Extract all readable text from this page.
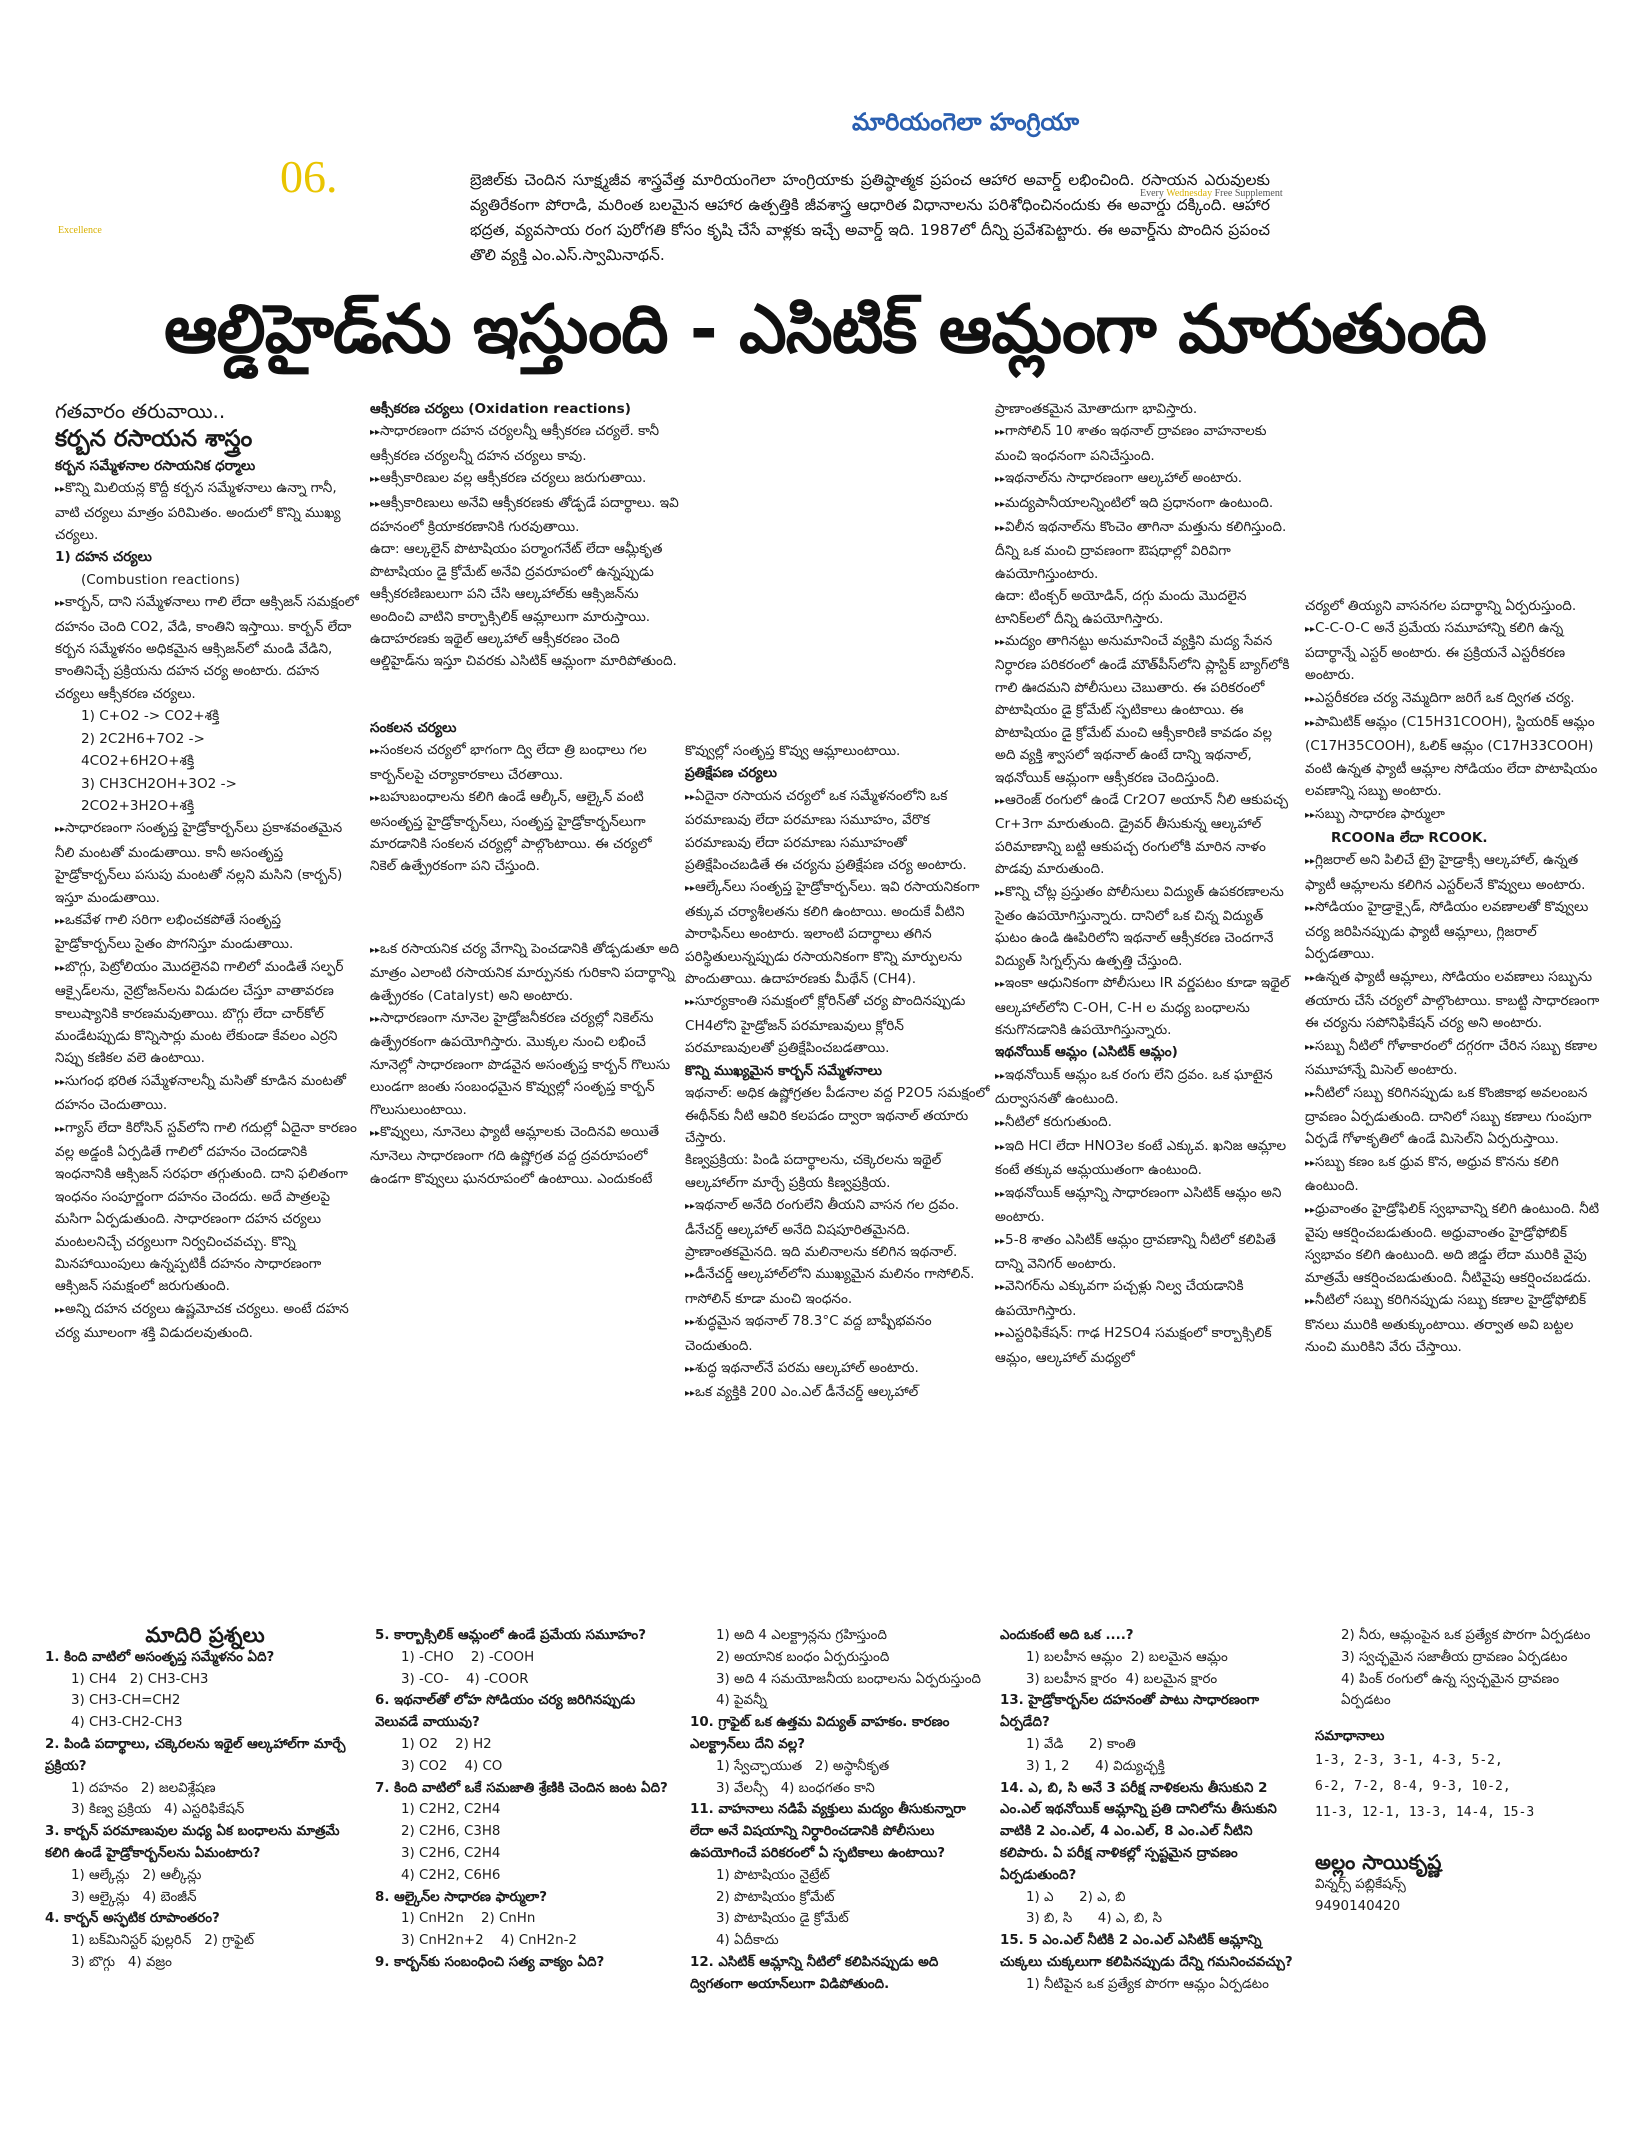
06.
Excellence
Every Wednesday Free Supplement
మారియంగెలా హంగ్రియా
బ్రెజిల్‌కు చెందిన సూక్ష్మజీవ శాస్త్రవేత్త మారియంగెలా హంగ్రియాకు ప్రతిష్ఠాత్మక ప్రపంచ ఆహార అవార్డ్ లభించింది. రసాయన ఎరువులకు వ్యతిరేకంగా పోరాడి, మరింత బలమైన ఆహార ఉత్పత్తికి జీవశాస్త్ర ఆధారిత విధానాలను పరిశోధించినందుకు ఈ అవార్డు దక్కింది. ఆహార భద్రత, వ్యవసాయ రంగ పురోగతి కోసం కృషి చేసే వాళ్లకు ఇచ్చే అవార్డ్ ఇది. 1987లో దీన్ని ప్రవేశపెట్టారు. ఈ అవార్డ్‌ను పొందిన ప్రపంచ తొలి వ్యక్తి ఎం.ఎస్.స్వామినాథన్.
ఆల్డిహైడ్‌ను ఇస్తుంది - ఎసిటిక్ ఆమ్లంగా మారుతుంది

గతవారం తరువాయి..

కర్బన రసాయన శాస్త్రం

కర్బన సమ్మేళనాల రసాయనిక ధర్మాలు

▸▸ కొన్ని మిలియన్ల కొద్దీ కర్బన సమ్మేళనాలు ఉన్నా గానీ, వాటి చర్యలు మాత్రం పరిమితం. అందులో కొన్ని ముఖ్య చర్యలు.

1) దహన చర్యలు

(Combustion reactions)

▸▸ కార్బన్, దాని సమ్మేళనాలు గాలి లేదా ఆక్సిజన్ సమక్షంలో దహనం చెంది CO2, వేడి, కాంతిని ఇస్తాయి. కార్బన్ లేదా కర్బన సమ్మేళనం అధికమైన ఆక్సిజన్‌లో మండి వేడిని, కాంతినిచ్చే ప్రక్రియను దహన చర్య అంటారు. దహన చర్యలు ఆక్సీకరణ చర్యలు.

1) C+O2 -> CO2+శక్తి

2) 2C2H6+7O2 ->

4CO2+6H2O+శక్తి

3) CH3CH2OH+3O2 ->

2CO2+3H2O+శక్తి

▸▸ సాధారణంగా సంతృప్త హైడ్రోకార్బన్‌లు ప్రకాశవంతమైన నీలి మంటతో మండుతాయి. కానీ అసంతృప్త హైడ్రోకార్బన్‌లు పసుపు మంటతో నల్లని మసిని (కార్బన్) ఇస్తూ మండుతాయి.

▸▸ ఒకవేళ గాలి సరిగా లభించకపోతే సంతృప్త హైడ్రోకార్బన్‌లు సైతం పొగనిస్తూ మండుతాయి.

▸▸ బొగ్గు, పెట్రోలియం మొదలైనవి గాలిలో మండితే సల్ఫర్ ఆక్సైడ్‌లను, నైట్రోజన్‌లను విడుదల చేస్తూ వాతావరణ కాలుష్యానికి కారణమవుతాయి. బొగ్గు లేదా చార్‌కోల్ మండేటప్పుడు కొన్నిసార్లు మంట లేకుండా కేవలం ఎర్రని నిప్పు కణికల వలె ఉంటాయి.

▸▸ సుగంధ భరిత సమ్మేళనాలన్నీ మసితో కూడిన మంటతో దహనం చెందుతాయి.

▸▸ గ్యాస్ లేదా కిరోసిన్ స్టవ్‌లోని గాలి గదుల్లో ఏదైనా కారణం వల్ల అడ్డంకి ఏర్పడితే గాలిలో దహనం చెందడానికి ఇంధనానికి ఆక్సిజన్ సరఫరా తగ్గుతుంది. దాని ఫలితంగా ఇంధనం సంపూర్ణంగా దహనం చెందదు. అదే పాత్రలపై మసిగా ఏర్పడుతుంది. సాధారణంగా దహన చర్యలు మంటలనిచ్చే చర్యలుగా నిర్వచించవచ్చు. కొన్ని మినహాయింపులు ఉన్నప్పటికీ దహనం సాధారణంగా ఆక్సిజన్ సమక్షంలో జరుగుతుంది.

▸▸ అన్ని దహన చర్యలు ఉష్ణమోచక చర్యలు. అంటే దహన చర్య మూలంగా శక్తి విడుదలవుతుంది.

ఆక్సీకరణ చర్యలు (Oxidation reactions)

▸▸ సాధారణంగా దహన చర్యలన్నీ ఆక్సీకరణ చర్యలే. కానీ ఆక్సీకరణ చర్యలన్నీ దహన చర్యలు కావు.

▸▸ ఆక్సీకారిణుల వల్ల ఆక్సీకరణ చర్యలు జరుగుతాయి.

▸▸ ఆక్సీకారిణులు అనేవి ఆక్సీకరణకు తోడ్పడే పదార్థాలు. ఇవి దహనంలో క్రియాకరణానికి గురవుతాయి.

ఉదా: ఆల్కలైన్ పొటాషియం పర్మాంగనేట్ లేదా ఆమ్లీకృత పొటాషియం డై క్రోమేట్ అనేవి ద్రవరూపంలో ఉన్నప్పుడు ఆక్సీకరణిణులుగా పని చేసి ఆల్కహాల్‌కు ఆక్సిజన్‌ను అందించి వాటిని కార్బాక్సిలిక్ ఆమ్లాలుగా మారుస్తాయి. ఉదాహరణకు ఇథైల్ ఆల్కహాల్ ఆక్సీకరణం చెంది ఆల్డిహైడ్‌ను ఇస్తూ చివరకు ఎసిటిక్ ఆమ్లంగా మారిపోతుంది.

సంకలన చర్యలు

▸▸ సంకలన చర్యలో భాగంగా ద్వి లేదా త్రి బంధాలు గల కార్బన్‌లపై చర్యాకారకాలు చేరతాయి.

▸▸ బహుబంధాలను కలిగి ఉండే ఆల్కీన్, ఆల్కైన్ వంటి అసంతృప్త హైడ్రోకార్బన్‌లు, సంతృప్త హైడ్రోకార్బన్‌లుగా మారడానికి సంకలన చర్యల్లో పాల్గొంటాయి. ఈ చర్యలో నికెల్ ఉత్ప్రేరకంగా పని చేస్తుంది.

▸▸ ఒక రసాయనిక చర్య వేగాన్ని పెంచడానికి తోడ్పడుతూ అది మాత్రం ఎలాంటి రసాయనిక మార్పునకు గురికాని పదార్థాన్ని ఉత్ప్రేరకం (Catalyst) అని అంటారు.

▸▸ సాధారణంగా నూనెల హైడ్రోజనీకరణ చర్యల్లో నికెల్‌ను ఉత్ప్రేరకంగా ఉపయోగిస్తారు. మొక్కల నుంచి లభించే నూనెల్లో సాధారణంగా పొడవైన అసంతృప్త కార్బన్ గొలుసు లుండగా జంతు సంబంధమైన కొవ్వుల్లో సంతృప్త కార్బన్ గొలుసులుంటాయి.

▸▸ కొవ్వులు, నూనెలు ఫ్యాటీ ఆమ్లాలకు చెందినవి అయితే నూనెలు సాధారణంగా గది ఉష్ణోగ్రత వద్ద ద్రవరూపంలో ఉండగా కొవ్వులు ఘనరూపంలో ఉంటాయి. ఎందుకంటే

కొవ్వుల్లో సంతృప్త కొవ్వు ఆమ్లాలుంటాయి.

ప్రతిక్షేపణ చర్యలు

▸▸ ఏదైనా రసాయన చర్యలో ఒక సమ్మేళనంలోని ఒక పరమాణువు లేదా పరమాణు సమూహం, వేరొక పరమాణువు లేదా పరమాణు సమూహంతో ప్రతిక్షేపించబడితే ఈ చర్యను ప్రతిక్షేపణ చర్య అంటారు.

▸▸ ఆల్కేన్‌లు సంతృప్త హైడ్రోకార్బన్‌లు. ఇవి రసాయనికంగా తక్కువ చర్యాశీలతను కలిగి ఉంటాయి. అందుకే వీటిని పారాఫిన్‌లు అంటారు. ఇలాంటి పదార్థాలు తగిన పరిస్థితులున్నప్పుడు రసాయనికంగా కొన్ని మార్పులను పొందుతాయి. ఉదాహరణకు మీథేన్ (CH4).

▸▸ సూర్యకాంతి సమక్షంలో క్లోరిన్‌తో చర్య పొందినప్పుడు CH4లోని హైడ్రోజన్ పరమాణువులు క్లోరిన్ పరమాణువులతో ప్రతిక్షేపించబడతాయి.

కొన్ని ముఖ్యమైన కార్బన్ సమ్మేళనాలు

ఇథనాల్: అధిక ఉష్ణోగ్రతల పీడనాల వద్ద P2O5 సమక్షంలో ఈథీన్‌కు నీటి ఆవిరి కలపడం ద్వారా ఇథనాల్ తయారు చేస్తారు.

కిణ్వప్రక్రియ: పిండి పదార్థాలను, చక్కెరలను ఇథైల్ ఆల్కహాల్‌గా మార్చే ప్రక్రియ కిణ్వప్రక్రియ.

▸▸ ఇథనాల్ అనేది రంగులేని తీయని వాసన గల ద్రవం. డీనేచర్డ్ ఆల్కహాల్ అనేది విషపూరితమైనది. ప్రాణాంతకమైనది. ఇది మలినాలను కలిగిన ఇథనాల్.

▸▸ డీనేచర్డ్ ఆల్కహాల్‌లోని ముఖ్యమైన మలినం గాసోలిన్. గాసోలిన్ కూడా మంచి ఇంధనం.

▸▸ శుద్ధమైన ఇథనాల్ 78.3°C వద్ద బాష్పీభవనం చెందుతుంది.

▸▸ శుద్ధ ఇథనాల్‌నే పరమ ఆల్కహాల్ అంటారు.

▸▸ ఒక వ్యక్తికి 200 ఎం.ఎల్ డీనేచర్డ్ ఆల్కహాల్

ప్రాణాంతకమైన మోతాదుగా భావిస్తారు.

▸▸ గాసోలిన్ 10 శాతం ఇథనాల్ ద్రావణం వాహనాలకు మంచి ఇంధనంగా పనిచేస్తుంది.

▸▸ ఇథనాల్‌ను సాధారణంగా ఆల్కహాల్ అంటారు.

▸▸ మద్యపానీయాలన్నింటిలో ఇది ప్రధానంగా ఉంటుంది.

▸▸ విలీన ఇథనాల్‌ను కొంచెం తాగినా మత్తును కలిగిస్తుంది. దీన్ని ఒక మంచి ద్రావణంగా ఔషధాల్లో విరివిగా ఉపయోగిస్తుంటారు.

ఉదా: టింక్చర్ అయోడిన్, దగ్గు మందు మొదలైన టానిక్‌లలో దీన్ని ఉపయోగిస్తారు.

▸▸ మద్యం తాగినట్టు అనుమానించే వ్యక్తిని మద్య సేవన నిర్ధారణ పరికరంలో ఉండే మౌత్‌పీస్‌లోని ప్లాస్టిక్ బ్యాగ్‌లోకి గాలి ఊదమని పోలీసులు చెబుతారు. ఈ పరికరంలో పొటాషియం డై క్రోమేట్ స్ఫటికాలు ఉంటాయి. ఈ పొటాషియం డై క్రోమేట్ మంచి ఆక్సీకారిణి కావడం వల్ల అది వ్యక్తి శ్వాసలో ఇథనాల్ ఉంటే దాన్ని ఇథనాల్, ఇథనోయిక్ ఆమ్లంగా ఆక్సీకరణ చెందిస్తుంది.

▸▸ ఆరెంజ్ రంగులో ఉండే Cr2O7 అయాన్ నీలి ఆకుపచ్చ Cr+3గా మారుతుంది. డ్రైవర్ తీసుకున్న ఆల్కహాల్ పరిమాణాన్ని బట్టి ఆకుపచ్చ రంగులోకి మారిన నాళం పొడవు మారుతుంది.

▸▸ కొన్ని చోట్ల ప్రస్తుతం పోలీసులు విద్యుత్ ఉపకరణాలను సైతం ఉపయోగిస్తున్నారు. దానిలో ఒక చిన్న విద్యుత్ ఘటం ఉండి ఊపిరిలోని ఇథనాల్ ఆక్సీకరణ చెందగానే విద్యుత్ సిగ్నల్స్‌ను ఉత్పత్తి చేస్తుంది.

▸▸ ఇంకా ఆధునికంగా పోలీసులు IR వర్ణపటం కూడా ఇథైల్ ఆల్కహాల్‌లోని C-OH, C-H ల మధ్య బంధాలను కనుగొనడానికి ఉపయోగిస్తున్నారు.

ఇథనోయిక్ ఆమ్లం (ఎసిటిక్ ఆమ్లం)

▸▸ ఇథనోయిక్ ఆమ్లం ఒక రంగు లేని ద్రవం. ఒక ఘాటైన దుర్వాసనతో ఉంటుంది.

▸▸ నీటిలో కరుగుతుంది.

▸▸ ఇది HCl లేదా HNO3ల కంటే ఎక్కువ. ఖనిజ ఆమ్లాల కంటే తక్కువ ఆమ్లయుతంగా ఉంటుంది.

▸▸ ఇథనోయిక్ ఆమ్లాన్ని సాధారణంగా ఎసిటిక్ ఆమ్లం అని అంటారు.

▸▸ 5-8 శాతం ఎసిటిక్ ఆమ్లం ద్రావణాన్ని నీటిలో కలిపితే దాన్ని వెనిగర్ అంటారు.

▸▸ వెనిగర్‌ను ఎక్కువగా పచ్చళ్లు నిల్వ చేయడానికి ఉపయోగిస్తారు.

▸▸ ఎస్టరిఫికేషన్: గాఢ H2SO4 సమక్షంలో కార్బాక్సిలిక్ ఆమ్లం, ఆల్కహాల్ మధ్యలో

చర్యలో తియ్యని వాసనగల పదార్థాన్ని ఏర్పరుస్తుంది.

▸▸ C-C-O-C అనే ప్రమేయ సమూహాన్ని కలిగి ఉన్న పదార్థాన్నే ఎస్టర్ అంటారు. ఈ ప్రక్రియనే ఎస్టరీకరణ అంటారు.

▸▸ ఎస్టరీకరణ చర్య నెమ్మదిగా జరిగే ఒక ద్విగత చర్య.

▸▸ పామిటిక్ ఆమ్లం (C15H31COOH), స్టియరిక్ ఆమ్లం (C17H35COOH), ఓలిక్ ఆమ్లం (C17H33COOH) వంటి ఉన్నత ఫ్యాటీ ఆమ్లాల సోడియం లేదా పొటాషియం లవణాన్ని సబ్బు అంటారు.

▸▸ సబ్బు సాధారణ ఫార్ములా

RCOONa లేదా RCOOK.

▸▸ గ్లిజరాల్ అని పిలిచే ట్రై హైడ్రాక్సీ ఆల్కహాల్, ఉన్నత ఫ్యాటీ ఆమ్లాలను కలిగిన ఎస్టర్‌లనే కొవ్వులు అంటారు.

▸▸ సోడియం హైడ్రాక్సైడ్, సోడియం లవణాలతో కొవ్వులు చర్య జరిపినప్పుడు ఫ్యాటీ ఆమ్లాలు, గ్లిజరాల్ ఏర్పడతాయి.

▸▸ ఉన్నత ఫ్యాటీ ఆమ్లాలు, సోడియం లవణాలు సబ్బును తయారు చేసే చర్యలో పాల్గొంటాయి. కాబట్టి సాధారణంగా ఈ చర్యను సపోనిఫికేషన్ చర్య అని అంటారు.

▸▸ సబ్బు నీటిలో గోళాకారంలో దగ్గరగా చేరిన సబ్బు కణాల సమూహాన్నే మిసెల్ అంటారు.

▸▸ నీటిలో సబ్బు కరిగినప్పుడు ఒక కొంజికాభ అవలంబన ద్రావణం ఏర్పడుతుంది. దానిలో సబ్బు కణాలు గుంపుగా ఏర్పడే గోళాకృతిలో ఉండే మిసెల్‌ని ఏర్పరుస్తాయి.

▸▸ సబ్బు కణం ఒక ధ్రువ కొన, అధ్రువ కొనను కలిగి ఉంటుంది.

▸▸ ధ్రువాంతం హైడ్రోఫిలిక్ స్వభావాన్ని కలిగి ఉంటుంది. నీటి వైపు ఆకర్షించబడుతుంది. అధ్రువాంతం హైడ్రోఫోబిక్ స్వభావం కలిగి ఉంటుంది. అది జిడ్డు లేదా మురికి వైపు మాత్రమే ఆకర్షించబడుతుంది. నీటివైపు ఆకర్షించబడదు.

▸▸ నీటిలో సబ్బు కరిగినప్పుడు సబ్బు కణాల హైడ్రోఫోబిక్ కొనలు మురికి అతుక్కుంటాయి. తర్వాత అవి బట్టల నుంచి మురికిని వేరు చేస్తాయి.

మాదిరి ప్రశ్నలు

1. కింది వాటిలో అసంతృప్త సమ్మేళనం ఏది?

1) CH4 2) CH3-CH3

3) CH3-CH=CH2

4) CH3-CH2-CH3

2. పిండి పదార్థాలు, చక్కెరలను ఇథైల్ ఆల్కహాల్‌గా మార్చే ప్రక్రియ?

1) దహనం 2) జలవిశ్లేషణ

3) కిణ్వ ప్రక్రియ 4) ఎస్టరిఫికేషన్

3. కార్బన్ పరమాణువుల మధ్య ఏక బంధాలను మాత్రమే కలిగి ఉండే హైడ్రోకార్బన్‌లను ఏమంటారు?

1) ఆల్కేన్లు 2) ఆల్కీన్లు

3) ఆల్కైన్లు 4) బెంజీన్

4. కార్బన్ అస్ఫటిక రూపాంతరం?

1) బక్‌మినిస్టర్ ఫుల్లరిన్ 2) గ్రాఫైట్

3) బొగ్గు 4) వజ్రం

5. కార్బాక్సిలిక్ ఆమ్లంలో ఉండే ప్రమేయ సమూహం?

1) -CHO 2) -COOH

3) -CO- 4) -COOR

6. ఇథనాల్‌తో లోహ సోడియం చర్య జరిగినప్పుడు వెలువడే వాయువు?

1) O2 2) H2

3) CO2 4) CO

7. కింది వాటిలో ఒకే సమజాతి శ్రేణికి చెందిన జంట ఏది?

1) C2H2, C2H4

2) C2H6, C3H8

3) C2H6, C2H4

4) C2H2, C6H6

8. ఆల్కైన్‌ల సాధారణ ఫార్ములా?

1) CnH2n 2) CnHn

3) CnH2n+2 4) CnH2n-2

9. కార్బన్‌కు సంబంధించి సత్య వాక్యం ఏది?

1) అది 4 ఎలక్ట్రాన్లను గ్రహిస్తుంది

2) అయానిక బంధం ఏర్పరుస్తుంది

3) అది 4 సమయోజనీయ బంధాలను ఏర్పరుస్తుంది

4) పైవన్నీ

10. గ్రాఫైట్ ఒక ఉత్తమ విద్యుత్ వాహకం. కారణం ఎలక్ట్రాన్‌లు దేని వల్ల?

1) స్వేచ్ఛాయుత 2) అస్థానీకృత

3) వేలన్సీ 4) బంధగతం కాని

11. వాహనాలు నడిపే వ్యక్తులు మద్యం తీసుకున్నారా లేదా అనే విషయాన్ని నిర్ధారించడానికి పోలీసులు ఉపయోగించే పరికరంలో ఏ స్ఫటికాలు ఉంటాయి?

1) పొటాషియం నైట్రేట్

2) పొటాషియం క్రోమేట్

3) పొటాషియం డై క్రోమేట్

4) ఏదీకాదు

12. ఎసిటిక్ ఆమ్లాన్ని నీటిలో కలిపినప్పుడు అది ద్విగతంగా అయాన్‌లుగా విడిపోతుంది.

ఎందుకంటే అది ఒక ....?

1) బలహీన ఆమ్లం 2) బలమైన ఆమ్లం

3) బలహీన క్షారం 4) బలమైన క్షారం

13. హైడ్రోకార్బన్‌ల దహనంతో పాటు సాధారణంగా ఏర్పడేది?

1) వేడి 2) కాంతి

3) 1, 2 4) విద్యుచ్ఛక్తి

14. ఎ, బి, సి అనే 3 పరీక్ష నాళికలను తీసుకుని 2 ఎం.ఎల్ ఇథనోయిక్ ఆమ్లాన్ని ప్రతి దానిలోను తీసుకుని వాటికి 2 ఎం.ఎల్, 4 ఎం.ఎల్, 8 ఎం.ఎల్ నీటిని కలిపారు. ఏ పరీక్ష నాళికల్లో స్పష్టమైన ద్రావణం ఏర్పడుతుంది?

1) ఎ 2) ఎ, బి

3) బి, సి 4) ఎ, బి, సి

15. 5 ఎం.ఎల్ నీటికి 2 ఎం.ఎల్ ఎసిటిక్ ఆమ్లాన్ని చుక్కలు చుక్కలుగా కలిపినప్పుడు దేన్ని గమనించవచ్చు?

1) నీటిపైన ఒక ప్రత్యేక పొరగా ఆమ్లం ఏర్పడటం

2) నీరు, ఆమ్లంపైన ఒక ప్రత్యేక పొరగా ఏర్పడటం

3) స్వచ్ఛమైన సజాతీయ ద్రావణం ఏర్పడటం

4) పింక్ రంగులో ఉన్న స్వచ్ఛమైన ద్రావణం ఏర్పడటం

సమాధానాలు

1-3, 2-3, 3-1, 4-3, 5-2,

6-2, 7-2, 8-4, 9-3, 10-2,

11-3, 12-1, 13-3, 14-4, 15-3

అల్లం సాయికృష్ణ

విన్నర్స్ పబ్లికేషన్స్

9490140420
